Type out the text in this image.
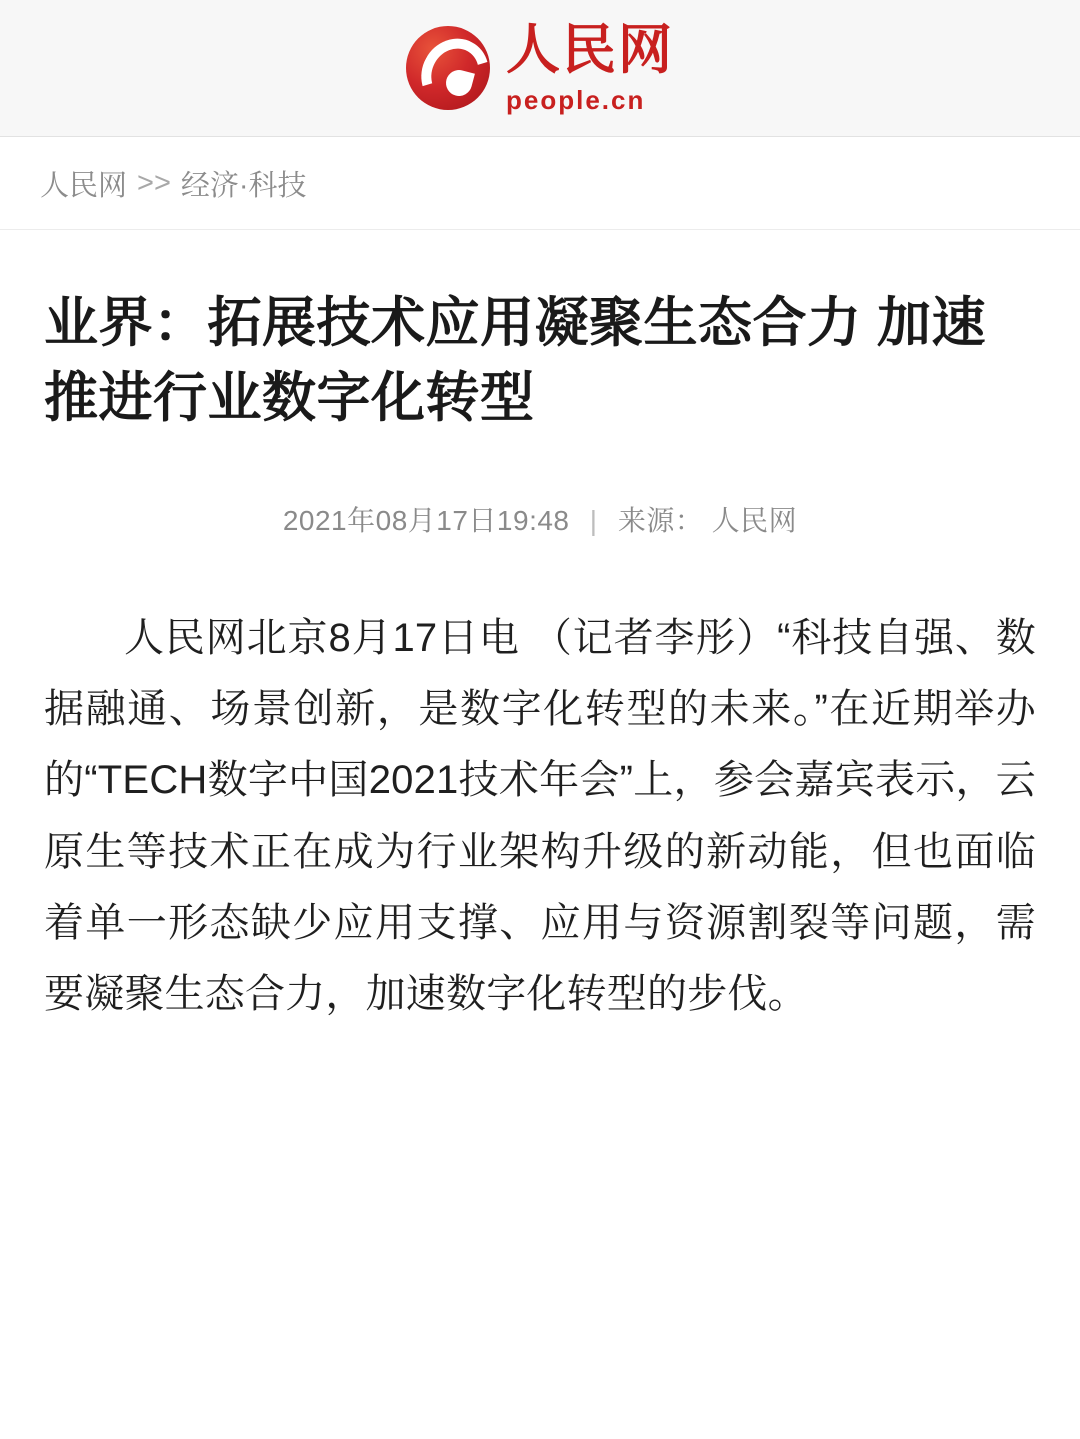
人民网
people.cn
人民网 >> 经济·科技
业界：拓展技术应用凝聚生态合力 加速推进行业数字化转型
2021年08月17日19:48 | 来源： 人民网

人民网北京8月17日电 （记者李彤）“科技自强、数据融通、场景创新，是数字化转型的未来。”在近期举办的“TECH数字中国2021技术年会”上，参会嘉宾表示，云原生等技术正在成为行业架构升级的新动能，但也面临着单一形态缺少应用支撑、应用与资源割裂等问题，需要凝聚生态合力，加速数字化转型的步伐。
